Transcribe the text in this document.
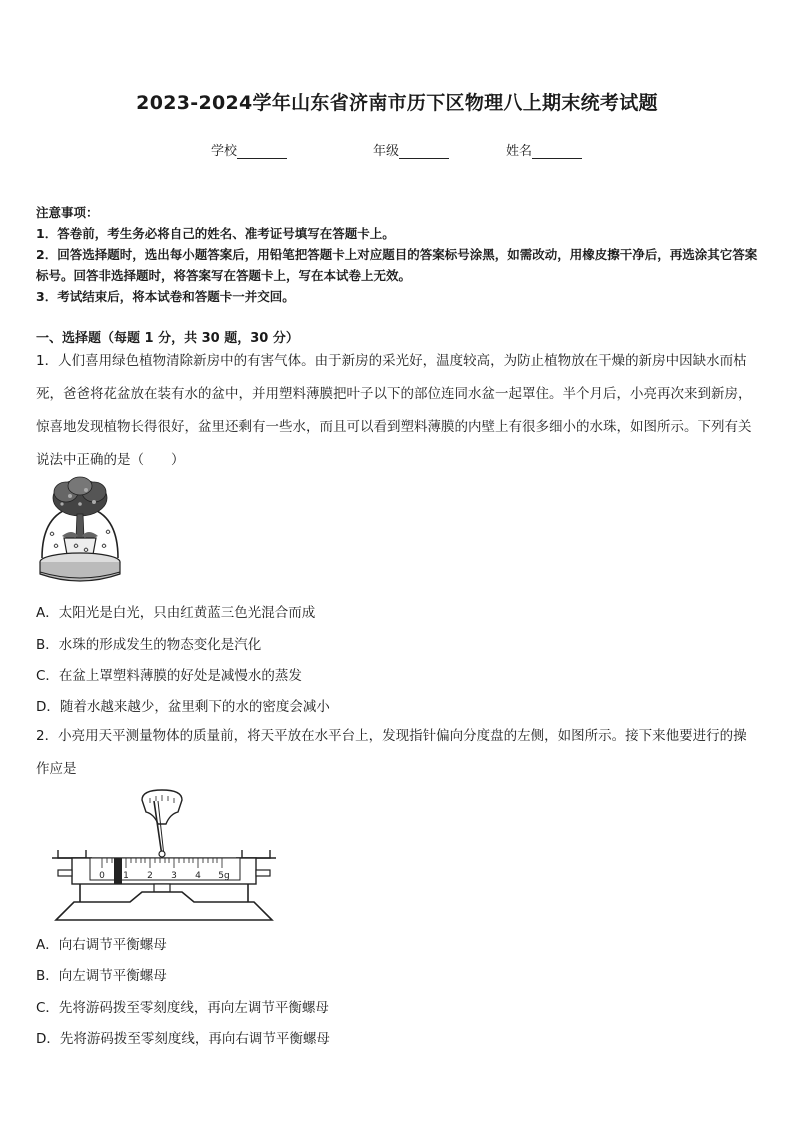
2023-2024学年山东省济南市历下区物理八上期末统考试题
学校	年级	姓名

注意事项：

1．答卷前，考生务必将自己的姓名、准考证号填写在答题卡上。

2．回答选择题时，选出每小题答案后，用铅笔把答题卡上对应题目的答案标号涂黑，如需改动，用橡皮擦干净后，再选涂其它答案标号。回答非选择题时，将答案写在答题卡上，写在本试卷上无效。

3．考试结束后，将本试卷和答题卡一并交回。

一、选择题（每题 1 分，共 30 题，30 分）

1．人们喜用绿色植物清除新房中的有害气体。由于新房的采光好，温度较高，为防止植物放在干燥的新房中因缺水而枯死，爸爸将花盆放在装有水的盆中，并用塑料薄膜把叶子以下的部位连同水盆一起罩住。半个月后，小亮再次来到新房，惊喜地发现植物长得很好，盆里还剩有一些水，而且可以看到塑料薄膜的内壁上有很多细小的水珠，如图所示。下列有关说法中正确的是（　　）

A．太阳光是白光，只由红黄蓝三色光混合而成

B．水珠的形成发生的物态变化是汽化

C．在盆上罩塑料薄膜的好处是减慢水的蒸发

D．随着水越来越少，盆里剩下的水的密度会减小

2．小亮用天平测量物体的质量前，将天平放在水平台上，发现指针偏向分度盘的左侧，如图所示。接下来他要进行的操作应是

0 1 2 3 4 5g

A．向右调节平衡螺母

B．向左调节平衡螺母

C．先将游码拨至零刻度线，再向左调节平衡螺母

D．先将游码拨至零刻度线，再向右调节平衡螺母
